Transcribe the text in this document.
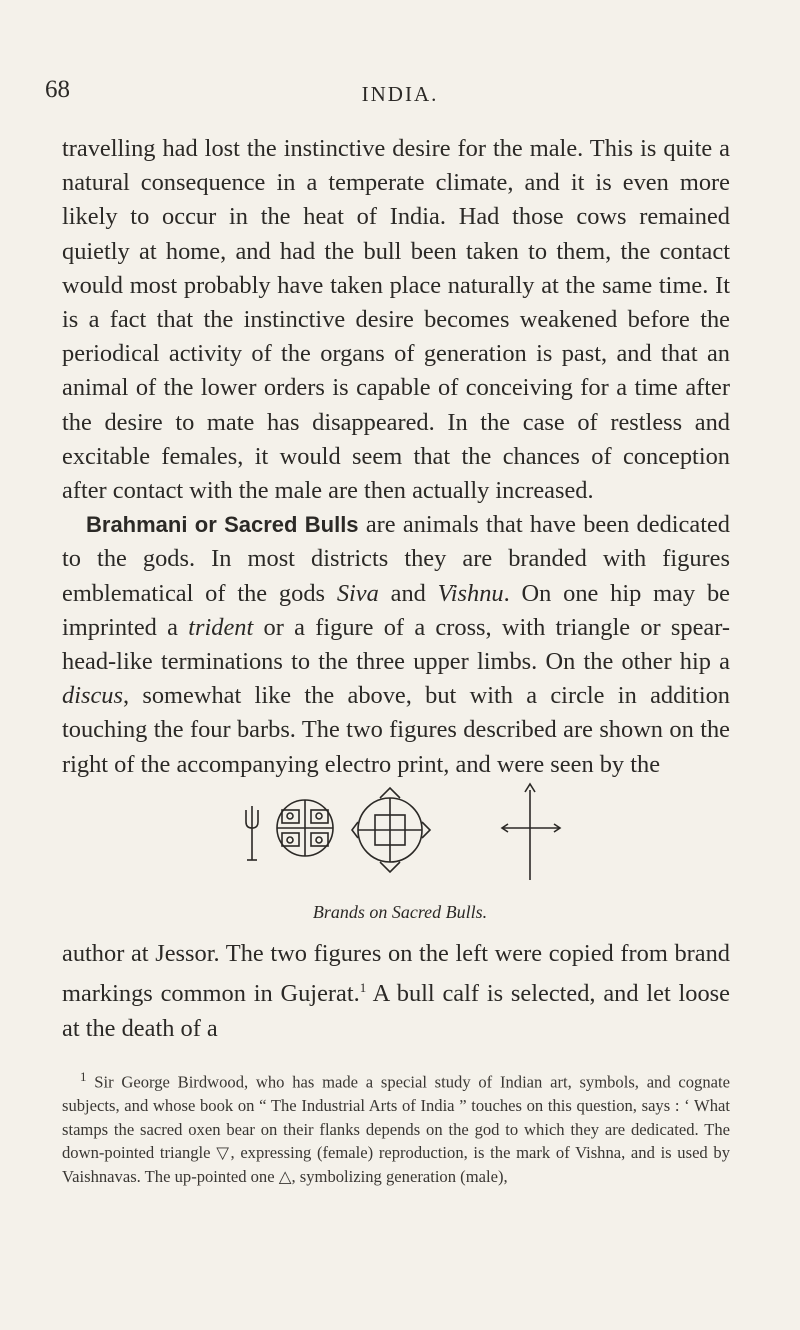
68	INDIA.

travelling had lost the instinctive desire for the male. This is quite a natural consequence in a temperate climate, and it is even more likely to occur in the heat of India. Had those cows remained quietly at home, and had the bull been taken to them, the contact would most probably have taken place naturally at the same time. It is a fact that the instinctive desire becomes weakened before the periodical activity of the organs of generation is past, and that an animal of the lower orders is capable of conceiving for a time after the desire to mate has disappeared. In the case of restless and excitable females, it would seem that the chances of conception after contact with the male are then actually increased.

Brahmani or Sacred Bulls are animals that have been dedicated to the gods. In most districts they are branded with figures emblematical of the gods Siva and Vishnu. On one hip may be imprinted a trident or a figure of a cross, with triangle or spear-head-like terminations to the three upper limbs. On the other hip a discus, somewhat like the above, but with a circle in addition touching the four barbs. The two figures described are shown on the right of the accompanying electro print, and were seen by the

Brands on Sacred Bulls.

author at Jessor. The two figures on the left were copied from brand markings common in Gujerat.$^1$ A bull calf is selected, and let loose at the death of a

$^1$ Sir George Birdwood, who has made a special study of Indian art, symbols, and cognate subjects, and whose book on “ The Industrial Arts of India ” touches on this question, says : ‘ What stamps the sacred oxen bear on their flanks depends on the god to which they are dedicated. The down-pointed triangle ▽, expressing (female) reproduction, is the mark of Vishna, and is used by Vaishnavas. The up-pointed one △, symbolizing generation (male),
